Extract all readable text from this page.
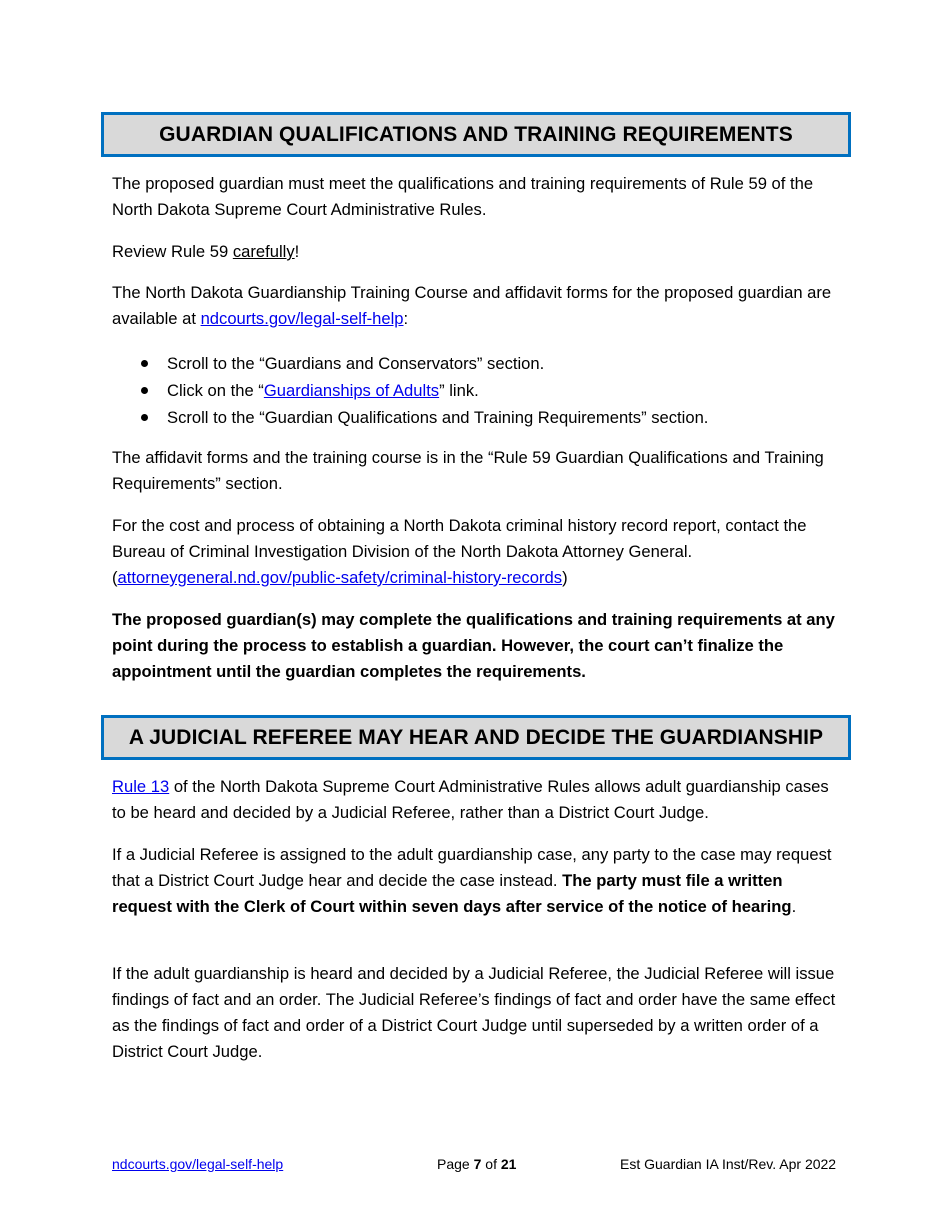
GUARDIAN QUALIFICATIONS AND TRAINING REQUIREMENTS

The proposed guardian must meet the qualifications and training requirements of Rule 59 of the North Dakota Supreme Court Administrative Rules.

Review Rule 59 carefully!

The North Dakota Guardianship Training Course and affidavit forms for the proposed guardian are available at ndcourts.gov/legal-self-help:

Scroll to the “Guardians and Conservators” section.
Click on the “Guardianships of Adults” link.
Scroll to the “Guardian Qualifications and Training Requirements” section.

The affidavit forms and the training course is in the “Rule 59 Guardian Qualifications and Training Requirements” section.

For the cost and process of obtaining a North Dakota criminal history record report, contact the Bureau of Criminal Investigation Division of the North Dakota Attorney General.
(attorneygeneral.nd.gov/public-safety/criminal-history-records)

The proposed guardian(s) may complete the qualifications and training requirements at any point during the process to establish a guardian. However, the court can’t finalize the appointment until the guardian completes the requirements.

A JUDICIAL REFEREE MAY HEAR AND DECIDE THE GUARDIANSHIP

Rule 13 of the North Dakota Supreme Court Administrative Rules allows adult guardianship cases to be heard and decided by a Judicial Referee, rather than a District Court Judge.

If a Judicial Referee is assigned to the adult guardianship case, any party to the case may request that a District Court Judge hear and decide the case instead. The party must file a written request with the Clerk of Court within seven days after service of the notice of hearing.

If the adult guardianship is heard and decided by a Judicial Referee, the Judicial Referee will issue findings of fact and an order. The Judicial Referee’s findings of fact and order have the same effect as the findings of fact and order of a District Court Judge until superseded by a written order of a District Court Judge.

ndcourts.gov/legal-self-help	Page 7 of 21	Est Guardian IA Inst/Rev. Apr 2022
